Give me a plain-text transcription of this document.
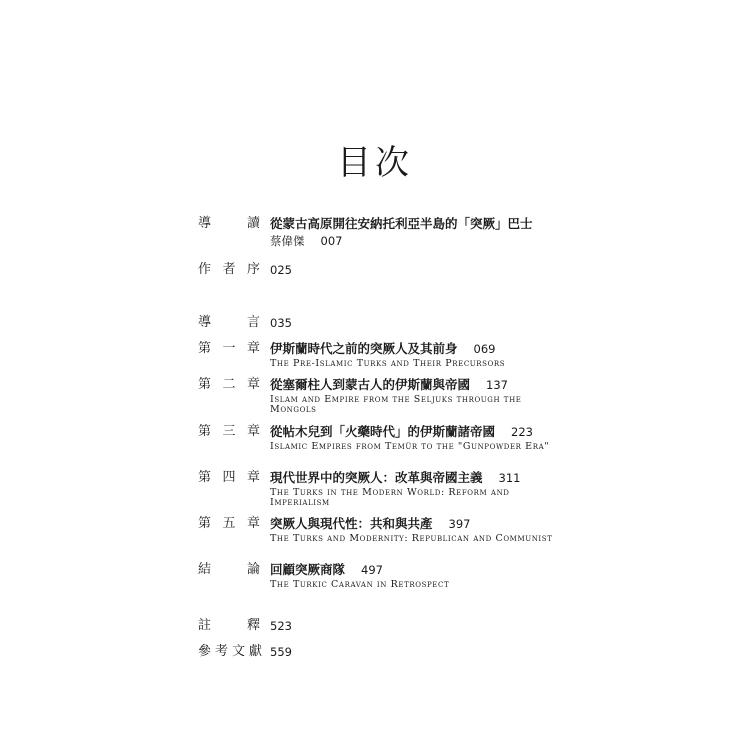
目次
導	讀 從蒙古高原開往安納托利亞半島的「突厥」巴士
蔡偉傑 007
作 者 序 025
導	言 035
第 一 章 伊斯蘭時代之前的突厥人及其前身 069
The Pre-Islamic Turks and Their Precursors
第 二 章 從塞爾柱人到蒙古人的伊斯蘭與帝國 137
Islam and Empire from the Seljuks through the Mongols
第 三 章 從帖木兒到「火藥時代」的伊斯蘭諸帝國 223
Islamic Empires from Temür to the "Gunpowder Era"
第 四 章 現代世界中的突厥人：改革與帝國主義 311
The Turks in the Modern World: Reform and Imperialism
第 五 章 突厥人與現代性：共和與共產 397
The Turks and Modernity: Republican and Communist
結	論 回顧突厥商隊 497
The Turkic Caravan in Retrospect
註	釋 523
參 考 文 獻 559
